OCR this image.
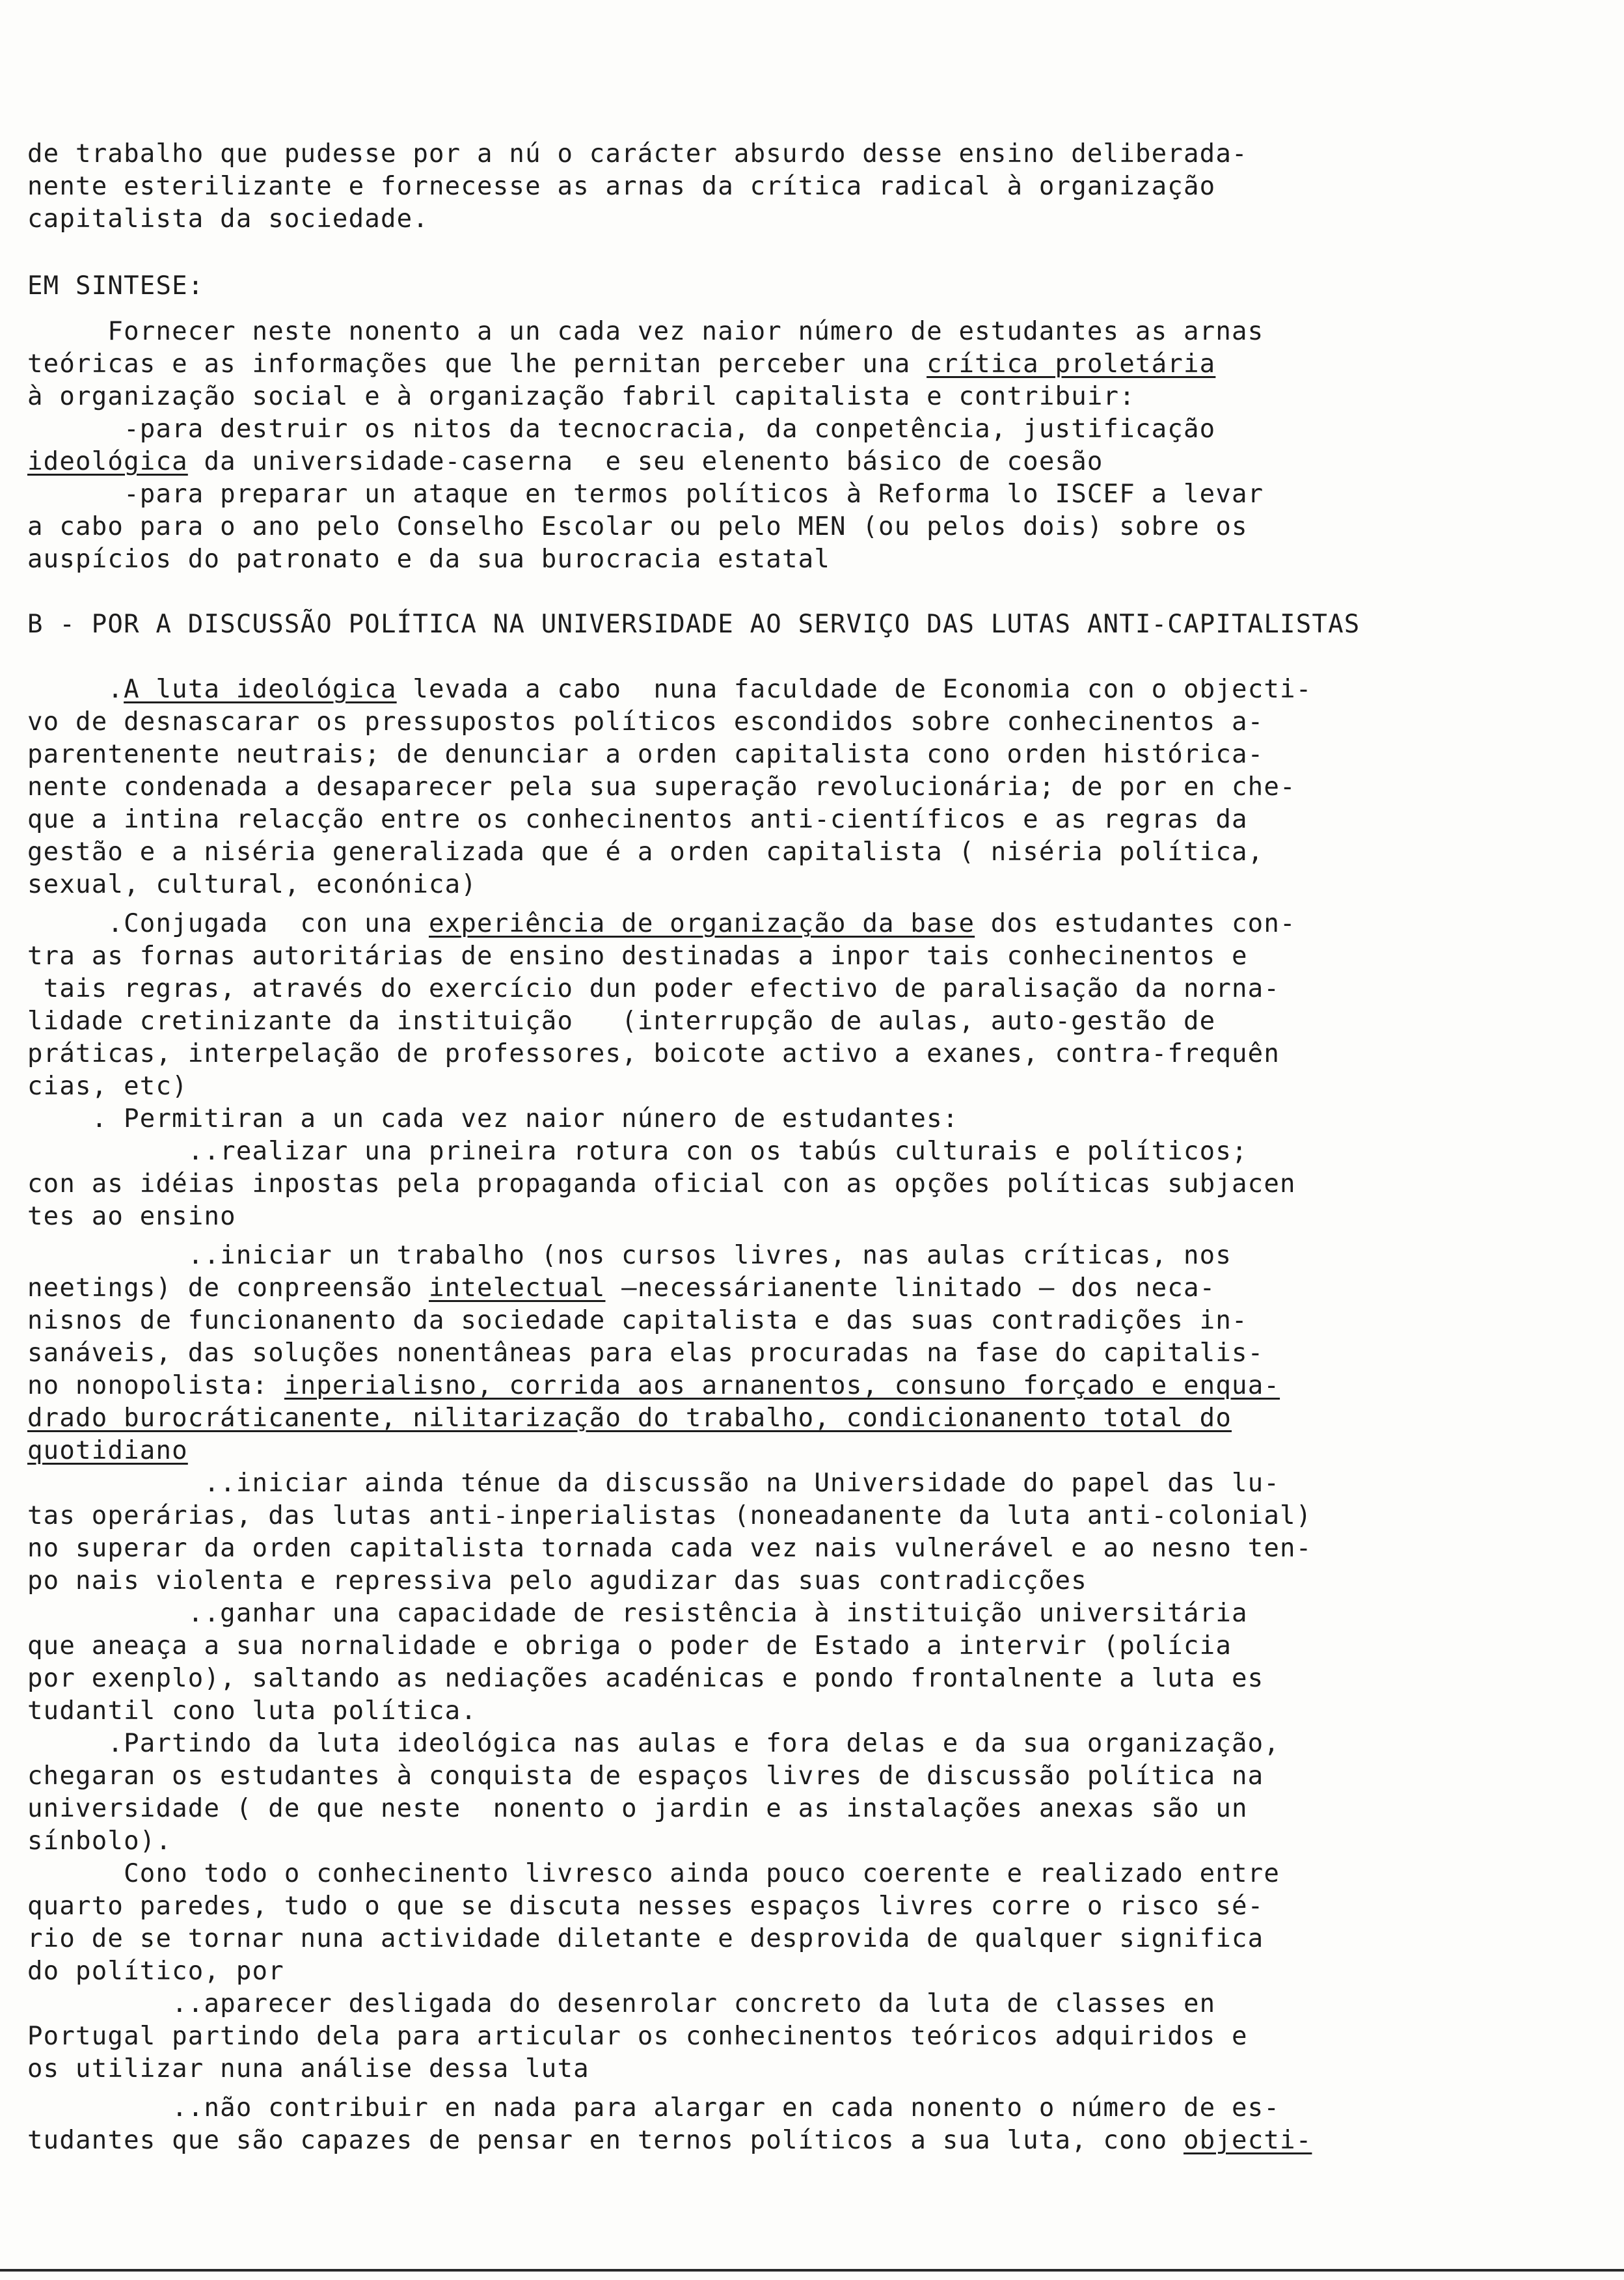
de trabalho que pudesse por a nú o carácter absurdo desse ensino deliberada-
nente esterilizante e fornecesse as arnas da crítica radical à organização
capitalista da sociedade.
EM SINTESE:
Fornecer neste nonento a un cada vez naior número de estudantes as arnas
teóricas e as informações que lhe pernitan perceber una crítica proletária
à organização social e à organização fabril capitalista e contribuir:
-para destruir os nitos da tecnocracia, da conpetência, justificação
ideológica da universidade-caserna  e seu elenento básico de coesão
-para preparar un ataque en termos políticos à Reforma lo ISCEF a levar
a cabo para o ano pelo Conselho Escolar ou pelo MEN (ou pelos dois) sobre os
auspícios do patronato e da sua burocracia estatal
B - POR A DISCUSSÃO POLÍTICA NA UNIVERSIDADE AO SERVIÇO DAS LUTAS ANTI-CAPITALISTAS
.A luta ideológica levada a cabo  nuna faculdade de Economia con o objecti-
vo de desnascarar os pressupostos políticos escondidos sobre conhecinentos a-
parentenente neutrais; de denunciar a orden capitalista cono orden históricа-
nente condenada a desaparecer pela sua superação revolucionária; de por en che-
que a intina relacção entre os conhecinentos anti-científicos e as regras da
gestão e a niséria generalizada que é a orden capitalista ( niséria política,
sexual, cultural, econónica)
.Conjugada  con una experiência de organização da base dos estudantes con-
tra as fornas autoritárias de ensino destinadas a inpor tais conhecinentos e
tais regras, através do exercício dun poder efectivo de paralisação da norna-
lidade cretinizante da instituição   (interrupção de aulas, auto-gestão de
práticas, interpelação de professores, boicote activo a exanes, contra-frequên
cias, etc)
. Permitiran a un cada vez naior núnero de estudantes:
..realizar una prineira rotura con os tabús culturais e políticos;
con as idéias inpostas pela propaganda oficial con as opções políticas subjacen
tes ao ensino
..iniciar un trabalho (nos cursos livres, nas aulas críticas, nos
neetings) de conpreensão intelectual —necessárianente linitado — dos necа-
nisnos de funcionanento da sociedade capitalista e das suas contradições in-
sanáveis, das soluções nonentâneas para elas procuradas na fase do capitalis-
no nonopolista: inperialisno, corrida aos arnanentos, consuno forçado e enqua-
drado burocráticanente, nilitarização do trabalho, condicionanento total do
quotidiano
..iniciar ainda ténue da discussão na Universidade do papel das lu-
tas operárias, das lutas anti-inperialistas (noneadanente da luta anti-colonial)
no superar da orden capitalista tornada cada vez nais vulnerável e ao nesno ten-
po nais violenta e repressiva pelo agudizar das suas contradicções
..ganhar una capacidade de resistência à instituição universitária
que aneaça a sua nornalidade e obriga o poder de Estado a intervir (polícia
por exenplo), saltando as nediações acadénicas e pondo frontalnente a luta es
tudantil cono luta política.
.Partindo da luta ideológica nas aulas e fora delas e da sua organização,
chegaran os estudantes à conquista de espaços livres de discussão política na
universidade ( de que neste  nonento o jardin e as instalações anexas são un
sínbolo).
Cono todo o conhecinento livresco ainda pouco coerente e realizado entre
quarto paredes, tudo o que se discuta nesses espaços livres corre o risco sé-
rio de se tornar nuna actividade diletante e desprovida de qualquer significa
do político, por
..aparecer desligada do desenrolar concreto da luta de classes en
Portugal partindo dela para articular os conhecinentos teóricos adquiridos e
os utilizar nuna análise dessa luta
..não contribuir en nada para alargar en cada nonento o número de es-
tudantes que são capazes de pensar en ternos políticos a sua luta, cono objecti-
